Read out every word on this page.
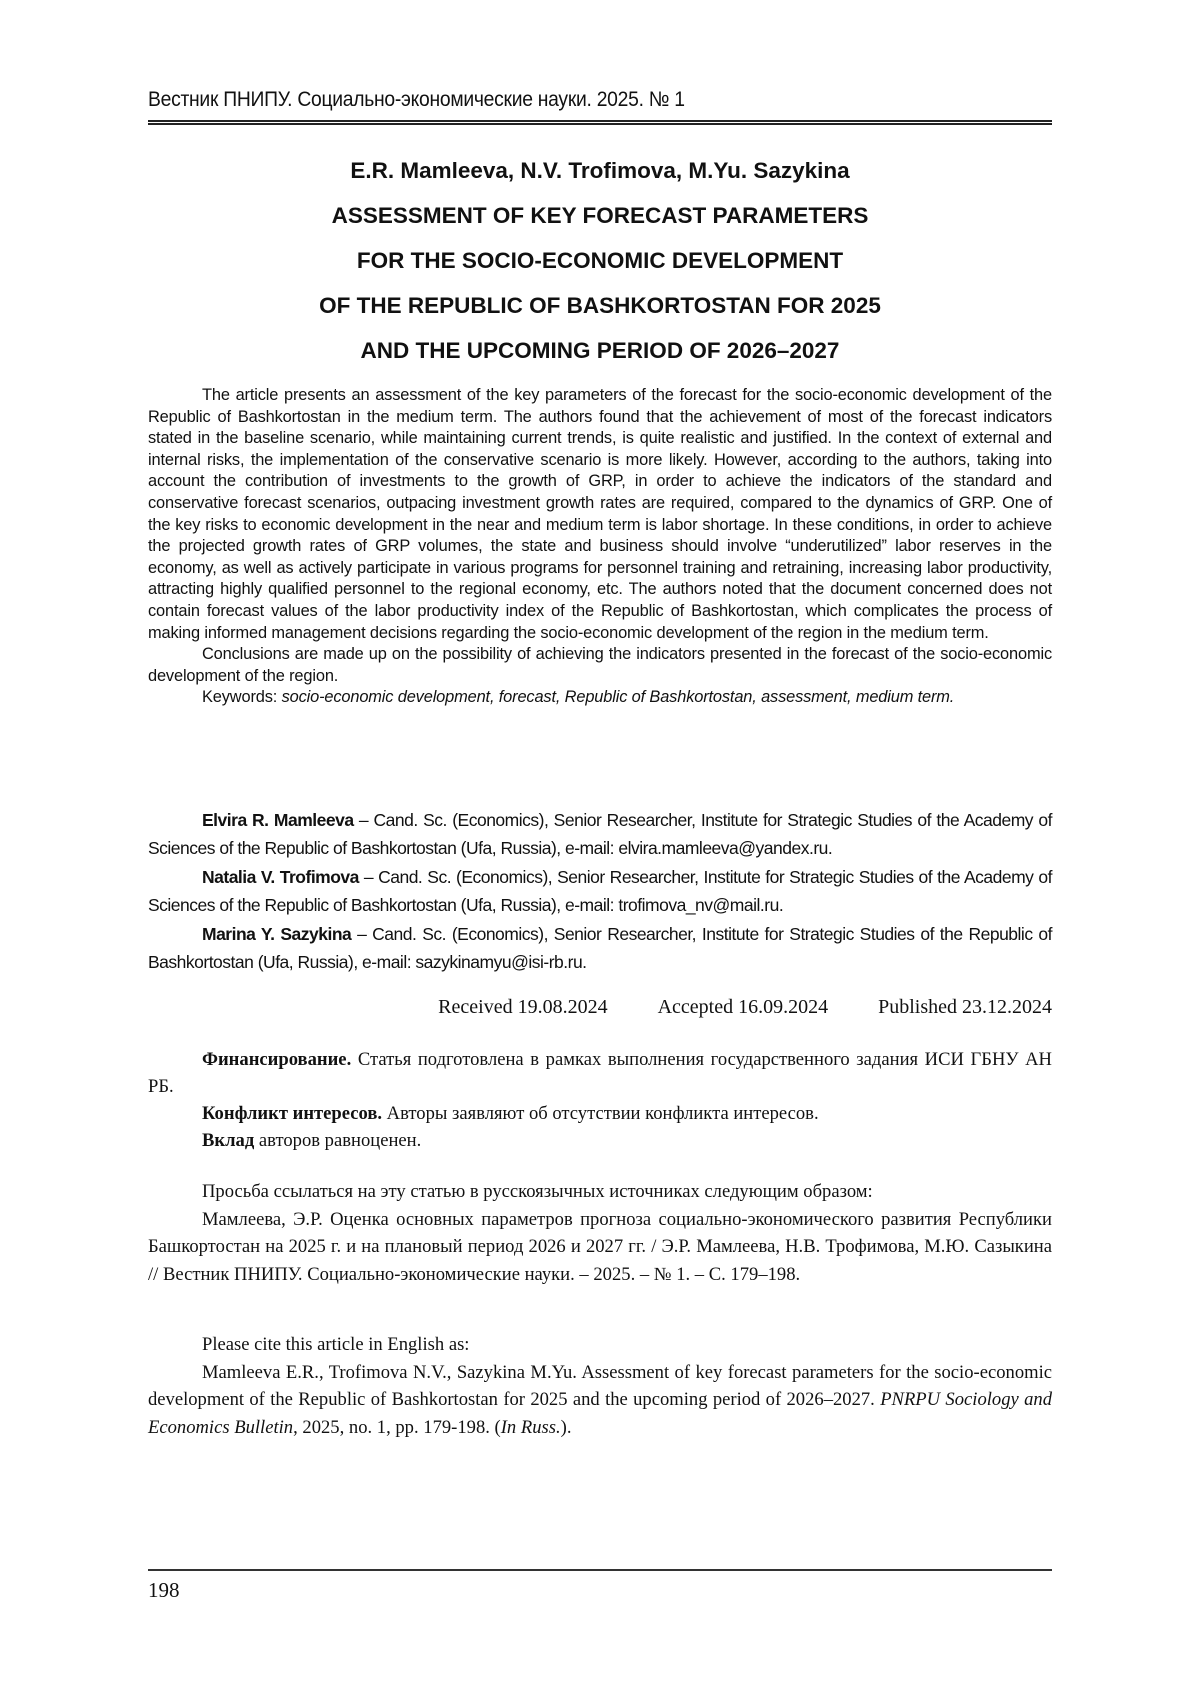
Вестник ПНИПУ. Социально-экономические науки. 2025. № 1
E.R. Mamleeva, N.V. Trofimova, M.Yu. Sazykina
ASSESSMENT OF KEY FORECAST PARAMETERS
FOR THE SOCIO-ECONOMIC DEVELOPMENT
OF THE REPUBLIC OF BASHKORTOSTAN FOR 2025
AND THE UPCOMING PERIOD OF 2026–2027

The article presents an assessment of the key parameters of the forecast for the socio-economic development of the Republic of Bashkortostan in the medium term. The authors found that the achievement of most of the forecast indicators stated in the baseline scenario, while maintaining current trends, is quite realistic and justified. In the context of external and internal risks, the implementation of the conservative scenario is more likely. However, according to the authors, taking into account the contribution of investments to the growth of GRP, in order to achieve the indicators of the standard and conservative forecast scenarios, outpacing investment growth rates are required, compared to the dynamics of GRP. One of the key risks to economic development in the near and medium term is labor shortage. In these conditions, in order to achieve the projected growth rates of GRP volumes, the state and business should involve “underutilized” labor reserves in the economy, as well as actively participate in various programs for personnel training and retraining, increasing labor productivity, attracting highly qualified personnel to the regional economy, etc. The authors noted that the document concerned does not contain forecast values of the labor productivity index of the Republic of Bashkortostan, which complicates the process of making informed management decisions regarding the socio-economic development of the region in the medium term.

Conclusions are made up on the possibility of achieving the indicators presented in the forecast of the socio-economic development of the region.

Keywords: socio-economic development, forecast, Republic of Bashkortostan, assessment, medium term.

Elvira R. Mamleeva – Cand. Sc. (Economics), Senior Researcher, Institute for Strategic Studies of the Academy of Sciences of the Republic of Bashkortostan (Ufa, Russia), e-mail: elvira.mamleeva@yandex.ru.

Natalia V. Trofimova – Cand. Sc. (Economics), Senior Researcher, Institute for Strategic Studies of the Academy of Sciences of the Republic of Bashkortostan (Ufa, Russia), e-mail: trofimova_nv@mail.ru.

Marina Y. Sazykina – Cand. Sc. (Economics), Senior Researcher, Institute for Strategic Studies of the Republic of Bashkortostan (Ufa, Russia), e-mail: sazykinamyu@isi-rb.ru.

Received 19.08.2024	Accepted 16.09.2024	Published 23.12.2024

Финансирование. Статья подготовлена в рамках выполнения государственного задания ИСИ ГБНУ АН РБ.

Конфликт интересов. Авторы заявляют об отсутствии конфликта интересов.

Вклад авторов равноценен.

Просьба ссылаться на эту статью в русскоязычных источниках следующим образом:

Мамлеева, Э.Р. Оценка основных параметров прогноза социально-экономического развития Республики Башкортостан на 2025 г. и на плановый период 2026 и 2027 гг. / Э.Р. Мамлеева, Н.В. Трофимова, М.Ю. Сазыкина // Вестник ПНИПУ. Социально-экономические науки. – 2025. – № 1. – С. 179–198.

Please cite this article in English as:

Mamleeva E.R., Trofimova N.V., Sazykina M.Yu. Assessment of key forecast parameters for the socio-economic development of the Republic of Bashkortostan for 2025 and the upcoming period of 2026–2027. PNRPU Sociology and Economics Bulletin, 2025, no. 1, pp. 179-198. (In Russ.).

198
